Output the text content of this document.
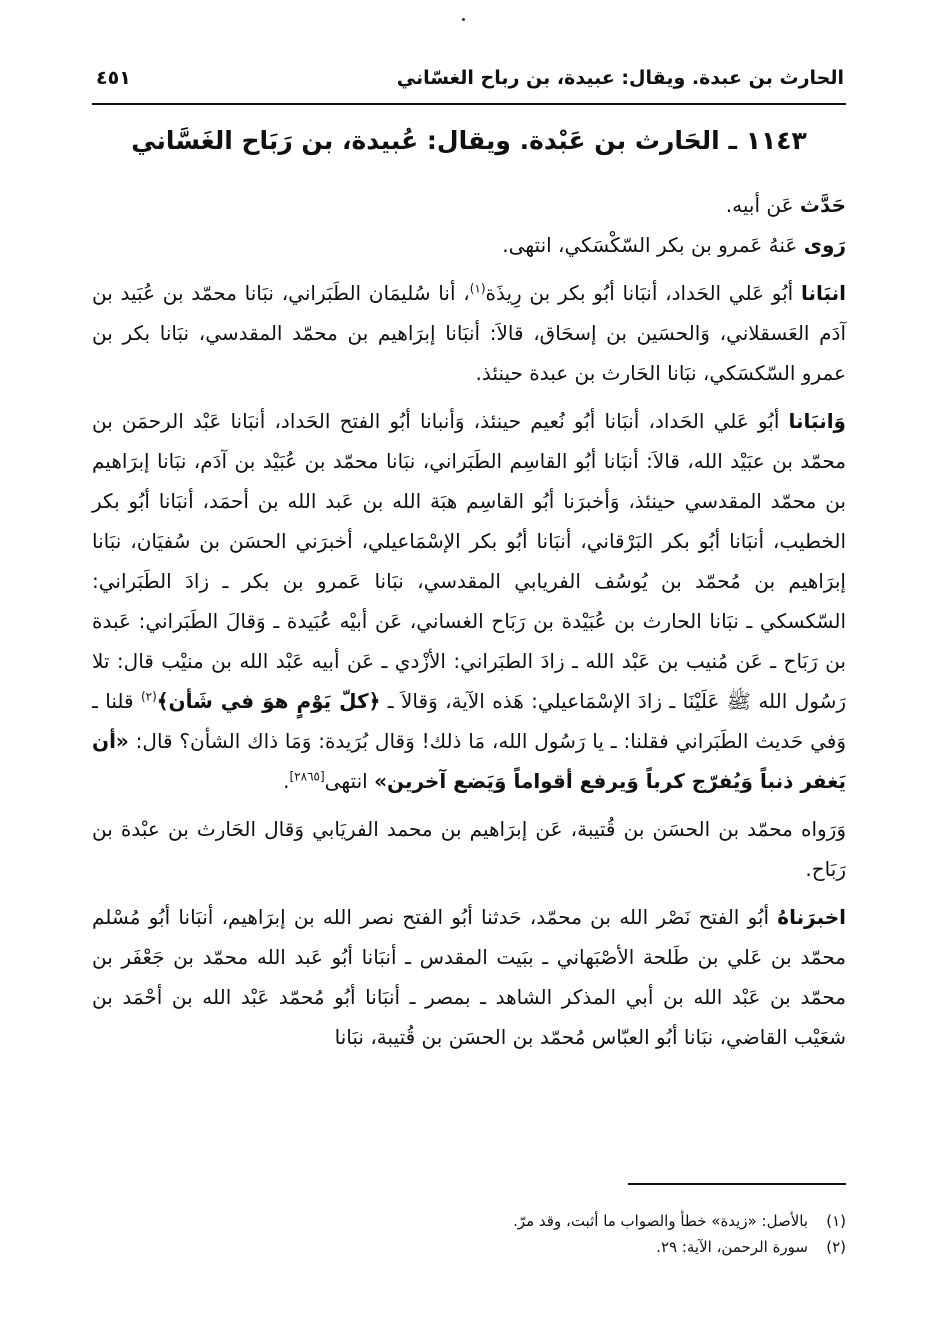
الحارث بن عبدة. ويقال: عبيدة، بن رباح الغسّاني
٤٥١
١١٤٣ ـ الحَارث بن عَبْدة. ويقال: عُبيدة، بن رَبَاح الغَسَّاني

حَدَّث عَن أبيه.

رَوى عَنهُ عَمرو بن بكر السّكْسَكي، انتهى.

انبَانا أبُو عَلي الحَداد، أنبَانا أبُو بكر بن رِيذَة$^{(١)}$، أنا سُليمَان الطَبَراني، نبَانا محمّد بن عُبَيد بن آدَم العَسقلاني، وَالحسَين بن إسحَاق، قالاَ: أنبَانا إبرَاهيم بن محمّد المقدسي، نبَانا بكر بن عمرو السّكسَكي، نبَانا الحَارث بن عبدة حينئذ.

وَانبَانا أبُو عَلي الحَداد، أنبَانا أبُو نُعيم حينئذ، وَأنبانا أبُو الفتح الحَداد، أنبَانا عَبْد الرحمَن بن محمّد بن عبَيْد الله، قالاَ: أنبَانا أبُو القاسِم الطَبَراني، نبَانا محمّد بن عُبَيْد بن آدَم، نبَانا إبرَاهيم بن محمّد المقدسي حينئذ، وَأخبرَنا أبُو القاسِم هبَة الله بن عَبد الله بن أحمَد، أنبَانا أبُو بكر الخطيب، أنبَانا أبُو بكر البَرْقاني، أنبَانا أبُو بكر الإسْمَاعيلي، أخبرَني الحسَن بن سُفيَان، نبَانا إبرَاهيم بن مُحمّد بن يُوسُف الفريابي المقدسي، نبَانا عَمرو بن بكر ـ زادَ الطَبَراني: السّكسكي ـ نبَانا الحارث بن عُبَيْدة بن رَبَاح الغساني، عَن أبيْه عُبَيدة ـ وَقالَ الطَبَراني: عَبدة بن رَبَاح ـ عَن مُنيب بن عَبْد الله ـ زادَ الطبَراني: الأزْدي ـ عَن أبيه عَبْد الله بن منيْب قال: تلا رَسُول الله ﷺ عَلَيْنَا ـ زادَ الإسْمَاعيلي: هَذه الآية، وَقالاَ ـ ﴿كلّ يَوْمٍ هوَ في شَأن﴾$^{(٢)}$ قلنا ـ وَفي حَديث الطَبَراني فقلنا: ـ يا رَسُول الله، مَا ذلك! وَقال بُرَيدة: وَمَا ذاك الشأن؟ قال: «أن يَغفر ذنباً وَيُفرّج كرباً وَيرفع أقواماً وَيَضع آخرين» انتهى[٢٨٦٥].

وَرَواه محمّد بن الحسَن بن قُتيبة، عَن إبرَاهيم بن محمد الفريَابي وَقال الحَارث بن عبْدة بن رَبَاح.

اخبرَناهُ أبُو الفتح نَصْر الله بن محمّد، حَدثنا أبُو الفتح نصر الله بن إبرَاهيم، أنبَانا أبُو مُسْلم محمّد بن عَلي بن طَلحة الأصْبَهاني ـ ببَيت المقدس ـ أنبَانا أبُو عَبد الله محمّد بن جَعْفَر بن محمّد بن عَبْد الله بن أبي المذكر الشاهد ـ بمصر ـ أنبَانا أبُو مُحمّد عَبْد الله بن أحْمَد بن شعَيْب القاضي، نبَانا أبُو العبّاس مُحمّد بن الحسَن بن قُتيبة، نبَانا

(١)
بالأصل: «زيدة» خطأ والصواب ما أثبت، وقد مرّ.
(٢)
سورة الرحمن، الآية: ٢٩.
